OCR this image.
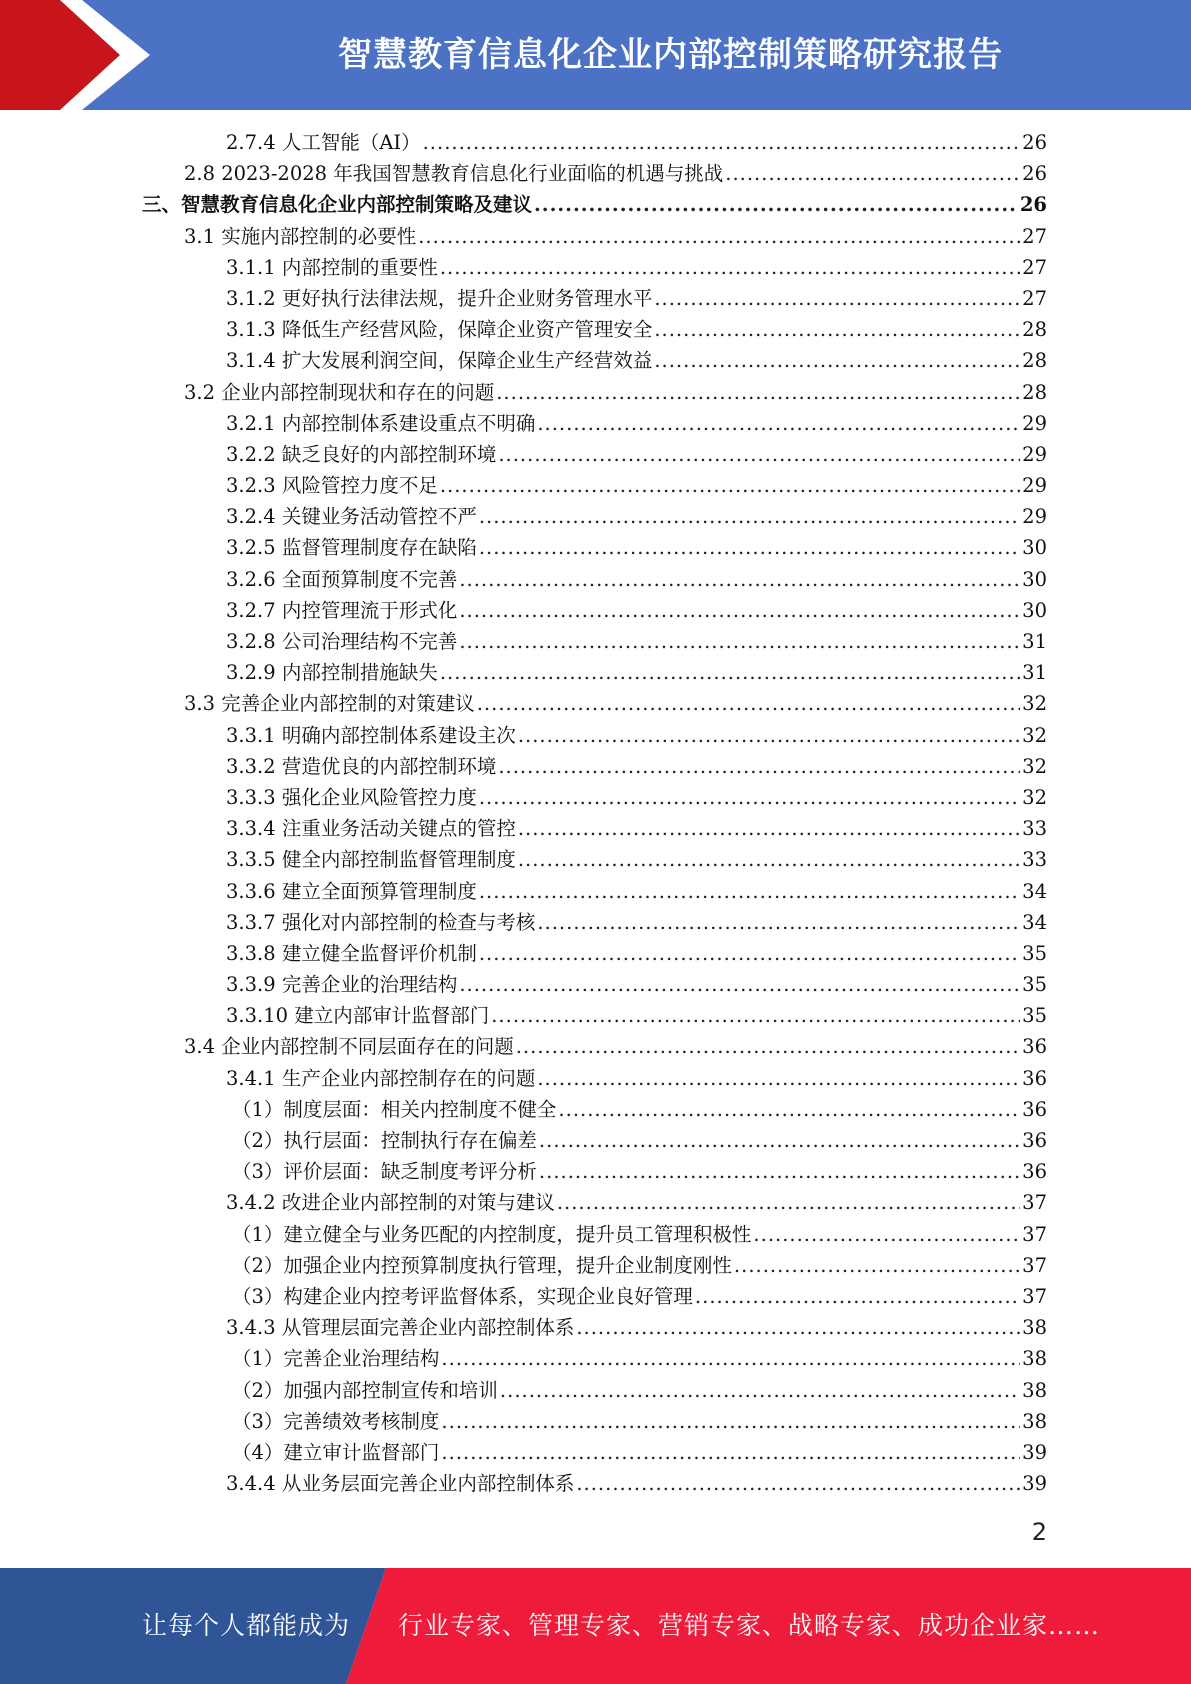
智慧教育信息化企业内部控制策略研究报告
2.7.4 人工智能（AI） .....	26
2.8 2023-2028 年我国智慧教育信息化行业面临的机遇与挑战 .....	26
三、智慧教育信息化企业内部控制策略及建议 .....	26
3.1 实施内部控制的必要性 .....	27
3.1.1 内部控制的重要性 .....	27
3.1.2 更好执行法律法规，提升企业财务管理水平 .....	27
3.1.3 降低生产经营风险，保障企业资产管理安全 .....	28
3.1.4 扩大发展利润空间，保障企业生产经营效益 .....	28
3.2 企业内部控制现状和存在的问题 .....	28
3.2.1 内部控制体系建设重点不明确 .....	29
3.2.2 缺乏良好的内部控制环境 .....	29
3.2.3 风险管控力度不足 .....	29
3.2.4 关键业务活动管控不严 .....	29
3.2.5 监督管理制度存在缺陷 .....	30
3.2.6 全面预算制度不完善 .....	30
3.2.7 内控管理流于形式化 .....	30
3.2.8 公司治理结构不完善 .....	31
3.2.9 内部控制措施缺失 .....	31
3.3 完善企业内部控制的对策建议 .....	32
3.3.1 明确内部控制体系建设主次 .....	32
3.3.2 营造优良的内部控制环境 .....	32
3.3.3 强化企业风险管控力度 .....	32
3.3.4 注重业务活动关键点的管控 .....	33
3.3.5 健全内部控制监督管理制度 .....	33
3.3.6 建立全面预算管理制度 .....	34
3.3.7 强化对内部控制的检查与考核 .....	34
3.3.8 建立健全监督评价机制 .....	35
3.3.9 完善企业的治理结构 .....	35
3.3.10 建立内部审计监督部门 .....	35
3.4 企业内部控制不同层面存在的问题 .....	36
3.4.1 生产企业内部控制存在的问题 .....	36
（1）制度层面：相关内控制度不健全 .....	36
（2）执行层面：控制执行存在偏差 .....	36
（3）评价层面：缺乏制度考评分析 .....	36
3.4.2 改进企业内部控制的对策与建议 .....	37
（1）建立健全与业务匹配的内控制度，提升员工管理积极性 .....	37
（2）加强企业内控预算制度执行管理，提升企业制度刚性 .....	37
（3）构建企业内控考评监督体系，实现企业良好管理 .....	37
3.4.3 从管理层面完善企业内部控制体系 .....	38
（1）完善企业治理结构 .....	38
（2）加强内部控制宣传和培训 .....	38
（3）完善绩效考核制度 .....	38
（4）建立审计监督部门 .....	39
3.4.4 从业务层面完善企业内部控制体系 .....	39
2
让每个人都能成为 行业专家、管理专家、营销专家、战略专家、成功企业家……
